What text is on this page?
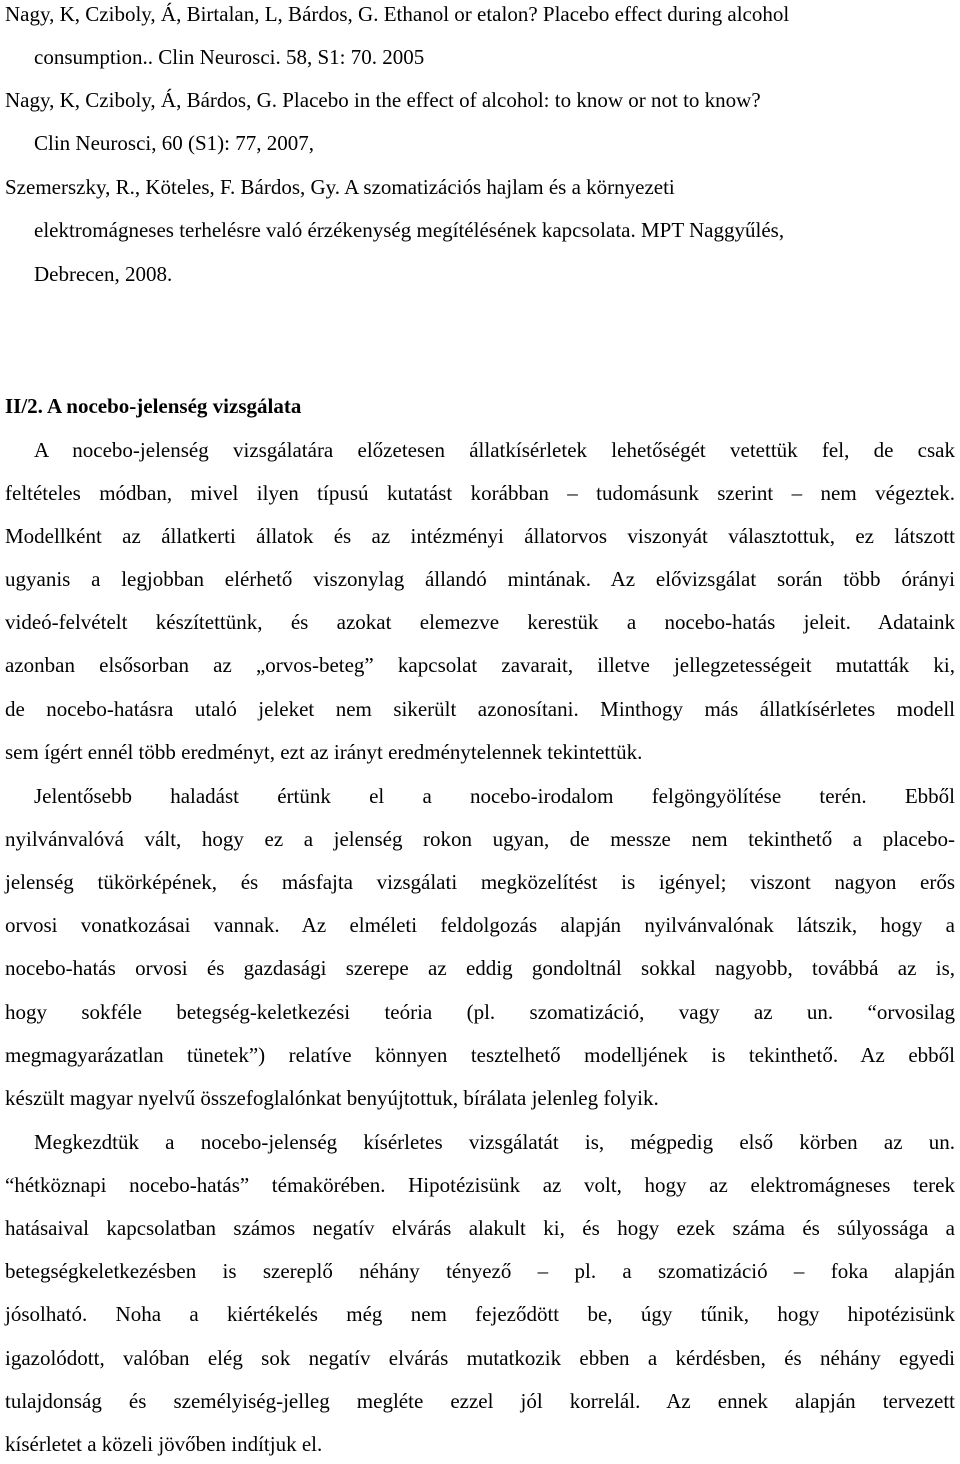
Nagy, K, Cziboly, Á, Birtalan, L, Bárdos, G. Ethanol or etalon? Placebo effect during alcohol
consumption.. Clin Neurosci. 58, S1: 70. 2005
Nagy, K, Cziboly, Á, Bárdos, G. Placebo in the effect of alcohol: to know or not to know?
Clin Neurosci, 60 (S1): 77, 2007,
Szemerszky, R., Köteles, F. Bárdos, Gy. A szomatizációs hajlam és a környezeti
elektromágneses terhelésre való érzékenység megítélésének kapcsolata. MPT Naggyűlés,
Debrecen, 2008.
II/2. A nocebo-jelenség vizsgálata
A nocebo-jelenség vizsgálatára előzetesen állatkísérletek lehetőségét vetettük fel, de csak
feltételes módban, mivel ilyen típusú kutatást korábban – tudomásunk szerint – nem végeztek.
Modellként az állatkerti állatok és az intézményi állatorvos viszonyát választottuk, ez látszott
ugyanis a legjobban elérhető viszonylag állandó mintának. Az elővizsgálat során több órányi
videó-felvételt készítettünk, és azokat elemezve kerestük a nocebo-hatás jeleit. Adataink
azonban elsősorban az „orvos-beteg” kapcsolat zavarait, illetve jellegzetességeit mutatták ki,
de nocebo-hatásra utaló jeleket nem sikerült azonosítani. Minthogy más állatkísérletes modell
sem ígért ennél több eredményt, ezt az irányt eredménytelennek tekintettük.
Jelentősebb haladást értünk el a nocebo-irodalom felgöngyölítése terén. Ebből
nyilvánvalóvá vált, hogy ez a jelenség rokon ugyan, de messze nem tekinthető a placebo-
jelenség tükörképének, és másfajta vizsgálati megközelítést is igényel; viszont nagyon erős
orvosi vonatkozásai vannak. Az elméleti feldolgozás alapján nyilvánvalónak látszik, hogy a
nocebo-hatás orvosi és gazdasági szerepe az eddig gondoltnál sokkal nagyobb, továbbá az is,
hogy sokféle betegség-keletkezési teória (pl. szomatizáció, vagy az un. “orvosilag
megmagyarázatlan tünetek”) relatíve könnyen tesztelhető modelljének is tekinthető. Az ebből
készült magyar nyelvű összefoglalónkat benyújtottuk, bírálata jelenleg folyik.
Megkezdtük a nocebo-jelenség kísérletes vizsgálatát is, mégpedig első körben az un.
“hétköznapi nocebo-hatás” témakörében. Hipotézisünk az volt, hogy az elektromágneses terek
hatásaival kapcsolatban számos negatív elvárás alakult ki, és hogy ezek száma és súlyossága a
betegségkeletkezésben is szereplő néhány tényező – pl. a szomatizáció – foka alapján
jósolható. Noha a kiértékelés még nem fejeződött be, úgy tűnik, hogy hipotézisünk
igazolódott, valóban elég sok negatív elvárás mutatkozik ebben a kérdésben, és néhány egyedi
tulajdonság és személyiség-jelleg megléte ezzel jól korrelál. Az ennek alapján tervezett
kísérletet a közeli jövőben indítjuk el.
